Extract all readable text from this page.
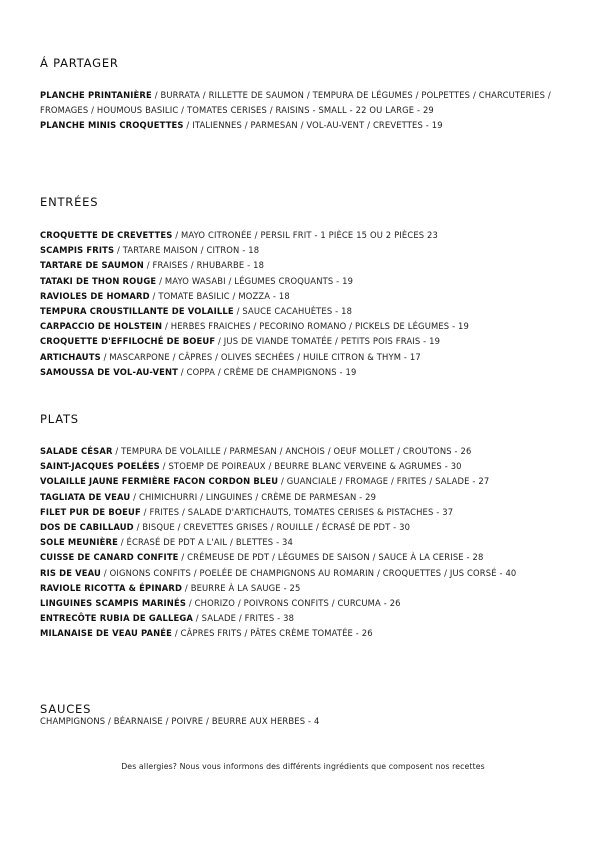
Á PARTAGER
PLANCHE PRINTANIÈRE / BURRATA / RILLETTE DE SAUMON / TEMPURA DE LÉGUMES / POLPETTES / CHARCUTERIES / FROMAGES / HOUMOUS BASILIC / TOMATES CERISES / RAISINS - SMALL - 22 OU LARGE - 29
PLANCHE MINIS CROQUETTES / ITALIENNES / PARMESAN / VOL-AU-VENT / CREVETTES - 19
ENTRÉES
CROQUETTE DE CREVETTES / MAYO CITRONÉE / PERSIL FRIT - 1 PIÈCE 15 OU 2 PIÈCES 23
SCAMPIS FRITS / TARTARE MAISON / CITRON - 18
TARTARE DE SAUMON / FRAISES / RHUBARBE - 18
TATAKI DE THON ROUGE / MAYO WASABI / LÉGUMES CROQUANTS - 19
RAVIOLES DE HOMARD / TOMATE BASILIC / MOZZA - 18
TEMPURA CROUSTILLANTE DE VOLAILLE / SAUCE CACAHUÈTES - 18
CARPACCIO DE HOLSTEIN / HERBES FRAICHES / PECORINO ROMANO / PICKELS DE LÉGUMES - 19
CROQUETTE D'EFFILOCHÉ DE BOEUF / JUS DE VIANDE TOMATÉE / PETITS POIS FRAIS - 19
ARTICHAUTS / MASCARPONE / CÂPRES / OLIVES SECHÉES / HUILE CITRON & THYM - 17
SAMOUSSA DE VOL-AU-VENT / COPPA / CRÈME DE CHAMPIGNONS - 19
PLATS
SALADE CÉSAR / TEMPURA DE VOLAILLE / PARMESAN / ANCHOIS / OEUF MOLLET / CROUTONS - 26
SAINT-JACQUES POELÉES / STOEMP DE POIREAUX / BEURRE BLANC VERVEINE & AGRUMES - 30
VOLAILLE JAUNE FERMIÈRE FACON CORDON BLEU / GUANCIALE / FROMAGE / FRITES / SALADE - 27
TAGLIATA DE VEAU / CHIMICHURRI / LINGUINES / CRÈME DE PARMESAN - 29
FILET PUR DE BOEUF / FRITES / SALADE D'ARTICHAUTS, TOMATES CERISES & PISTACHES - 37
DOS DE CABILLAUD / BISQUE / CREVETTES GRISES / ROUILLE / ÉCRASÉ DE PDT - 30
SOLE MEUNIÈRE / ÉCRASÉ DE PDT A L'AIL / BLETTES - 34
CUISSE DE CANARD CONFITE / CRÉMEUSE DE PDT / LÉGUMES DE SAISON / SAUCE À LA CERISE - 28
RIS DE VEAU / OIGNONS CONFITS / POELÉE DE CHAMPIGNONS AU ROMARIN / CROQUETTES / JUS CORSÉ - 40
RAVIOLE RICOTTA & ÉPINARD / BEURRE À LA SAUGE - 25
LINGUINES SCAMPIS MARINÉS / CHORIZO / POIVRONS CONFITS / CURCUMA - 26
ENTRECÔTE RUBIA DE GALLEGA / SALADE / FRITES - 38
MILANAISE DE VEAU PANÉE / CÂPRES FRITS / PÂTES CRÈME TOMATÉE - 26
SAUCES
CHAMPIGNONS / BÉARNAISE / POIVRE / BEURRE AUX HERBES - 4
Des allergies? Nous vous informons des différents ingrédients que composent nos recettes
